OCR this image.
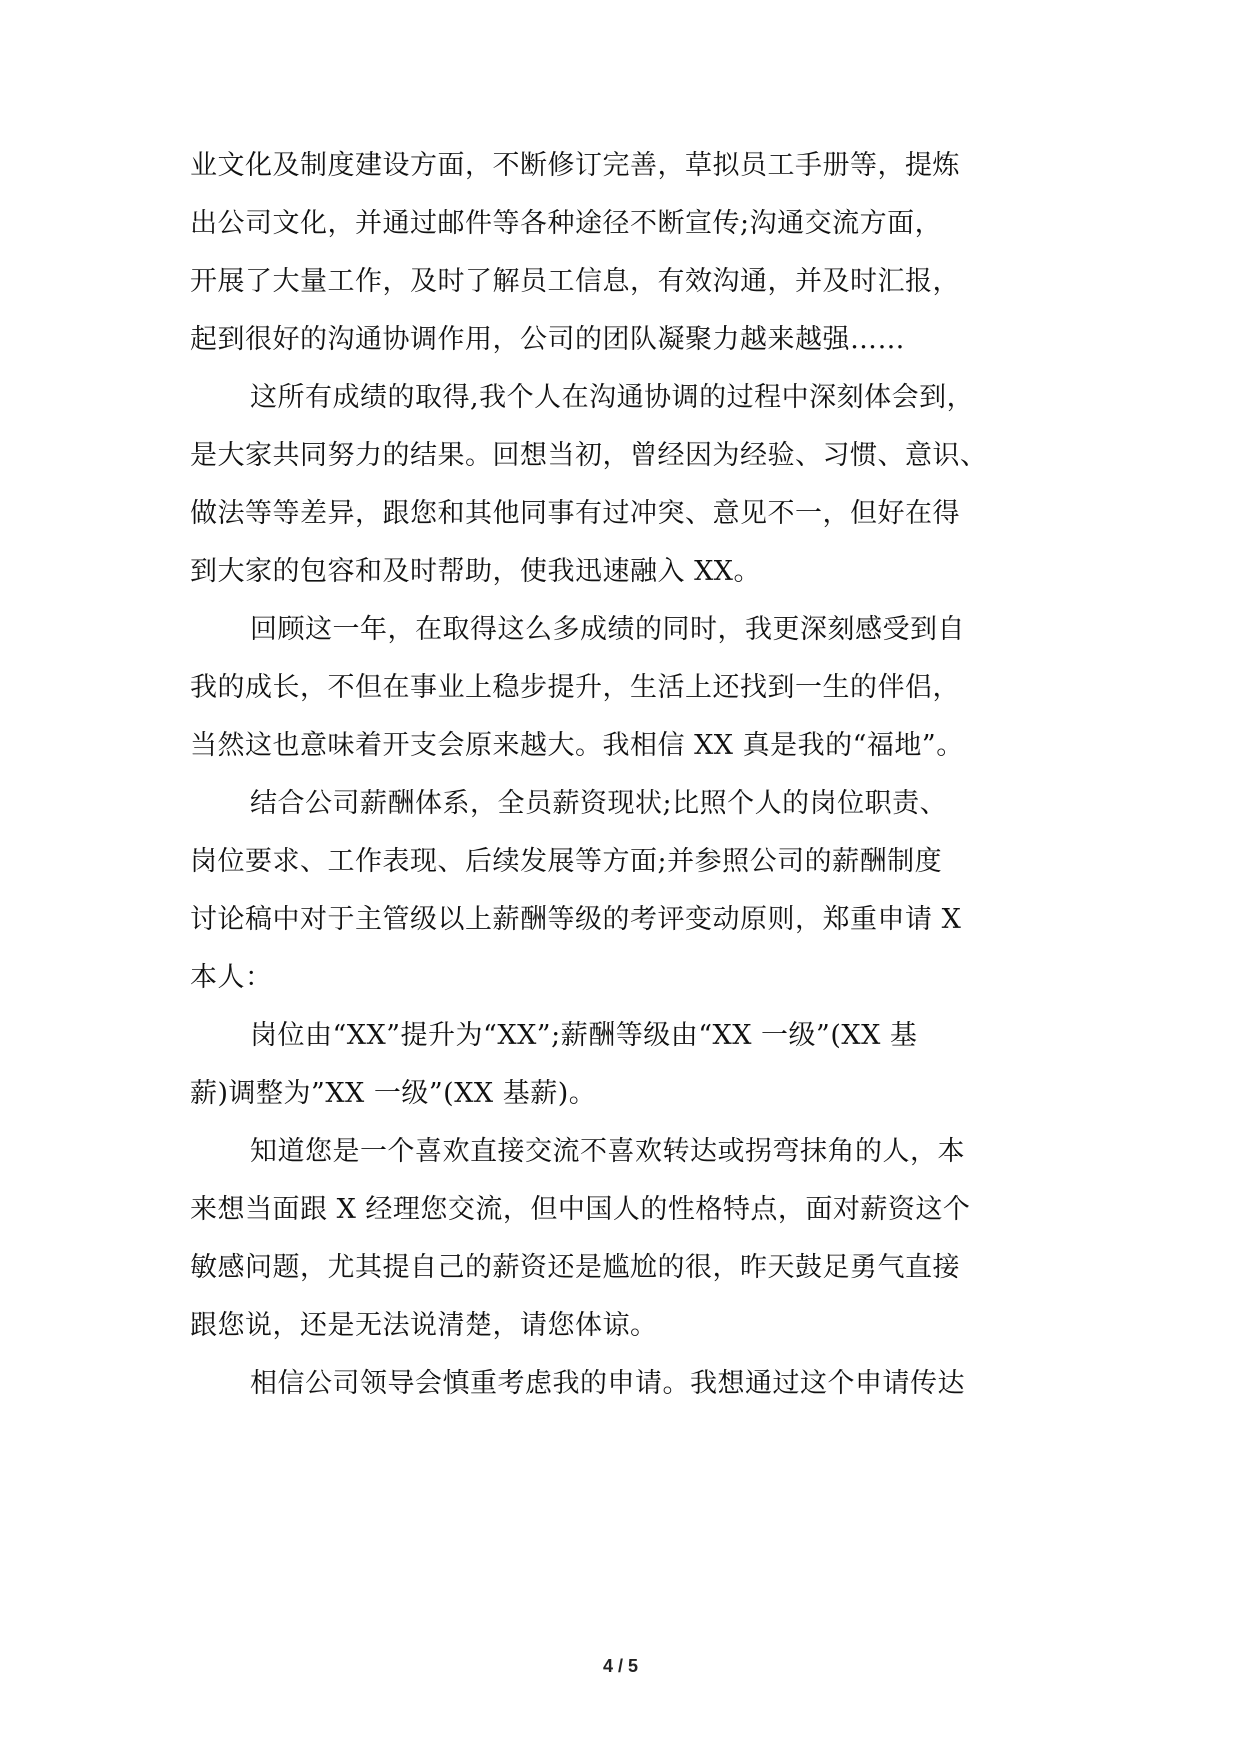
业文化及制度建设方面，不断修订完善，草拟员工手册等，提炼
出公司文化，并通过邮件等各种途径不断宣传;沟通交流方面，
开展了大量工作，及时了解员工信息，有效沟通，并及时汇报，
起到很好的沟通协调作用，公司的团队凝聚力越来越强……
这所有成绩的取得,我个人在沟通协调的过程中深刻体会到，
是大家共同努力的结果。回想当初，曾经因为经验、习惯、意识、
做法等等差异，跟您和其他同事有过冲突、意见不一，但好在得
到大家的包容和及时帮助，使我迅速融入 XX。
回顾这一年，在取得这么多成绩的同时，我更深刻感受到自
我的成长，不但在事业上稳步提升，生活上还找到一生的伴侣，
当然这也意味着开支会原来越大。我相信 XX 真是我的“福地”。
结合公司薪酬体系，全员薪资现状;比照个人的岗位职责、
岗位要求、工作表现、后续发展等方面;并参照公司的薪酬制度
讨论稿中对于主管级以上薪酬等级的考评变动原则，郑重申请 X
本人：
岗位由“XX”提升为“XX”;薪酬等级由“XX 一级”(XX 基
薪)调整为”XX 一级”(XX 基薪)。
知道您是一个喜欢直接交流不喜欢转达或拐弯抹角的人，本
来想当面跟 X 经理您交流，但中国人的性格特点，面对薪资这个
敏感问题，尤其提自己的薪资还是尴尬的很，昨天鼓足勇气直接
跟您说，还是无法说清楚，请您体谅。
相信公司领导会慎重考虑我的申请。我想通过这个申请传达
4 / 5
